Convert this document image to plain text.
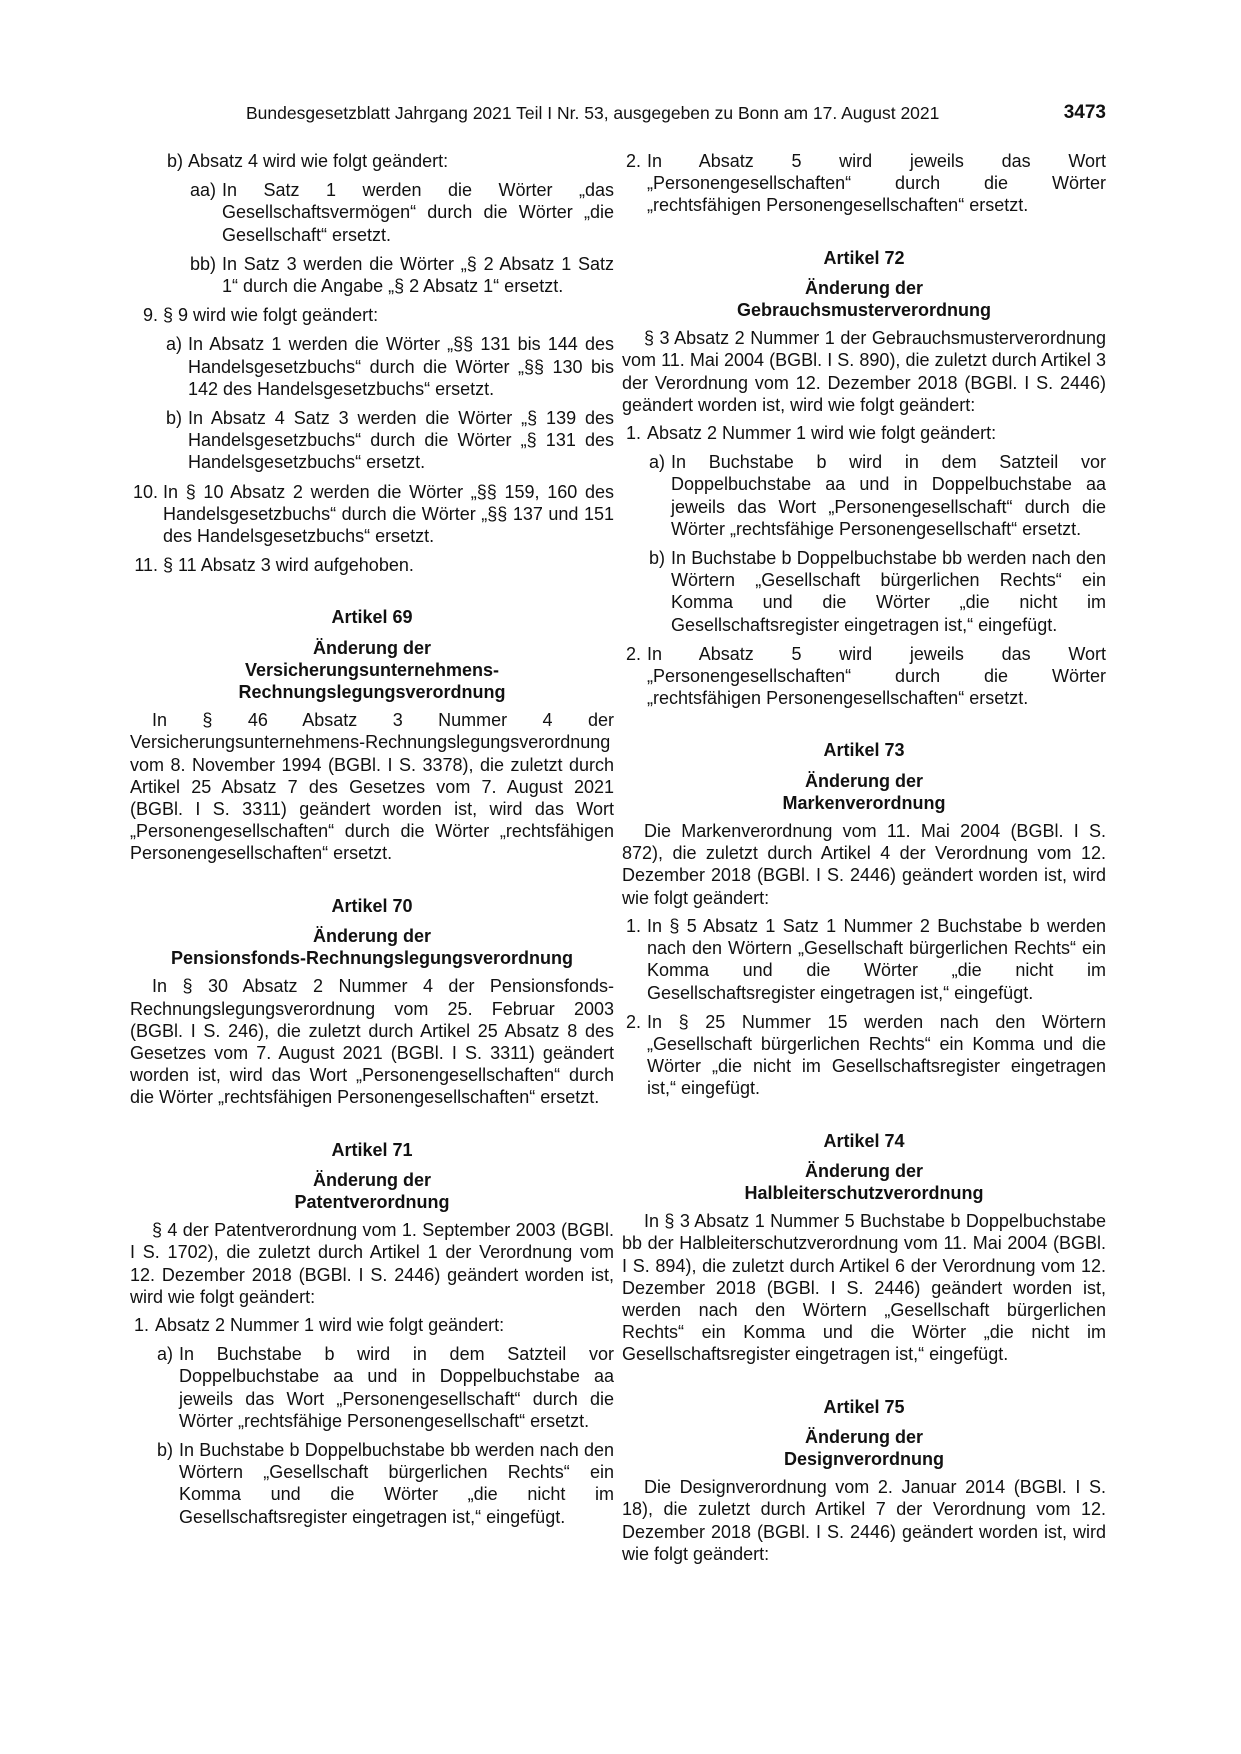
Bundesgesetzblatt Jahrgang 2021 Teil I Nr. 53, ausgegeben zu Bonn am 17. August 2021	3473
b) Absatz 4 wird wie folgt geändert:
aa) In Satz 1 werden die Wörter „das Gesellschaftsvermögen“ durch die Wörter „die Gesellschaft“ ersetzt.
bb) In Satz 3 werden die Wörter „§ 2 Absatz 1 Satz 1“ durch die Angabe „§ 2 Absatz 1“ ersetzt.
9. § 9 wird wie folgt geändert:
a) In Absatz 1 werden die Wörter „§§ 131 bis 144 des Handelsgesetzbuchs“ durch die Wörter „§§ 130 bis 142 des Handelsgesetzbuchs“ ersetzt.
b) In Absatz 4 Satz 3 werden die Wörter „§ 139 des Handelsgesetzbuchs“ durch die Wörter „§ 131 des Handelsgesetzbuchs“ ersetzt.
10. In § 10 Absatz 2 werden die Wörter „§§ 159, 160 des Handelsgesetzbuchs“ durch die Wörter „§§ 137 und 151 des Handelsgesetzbuchs“ ersetzt.
11. § 11 Absatz 3 wird aufgehoben.

Artikel 69

Änderung der
Versicherungsunternehmens-
Rechnungslegungsverordnung

In § 46 Absatz 3 Nummer 4 der Versicherungsunternehmens-Rechnungslegungsverordnung vom 8. November 1994 (BGBl. I S. 3378), die zuletzt durch Artikel 25 Absatz 7 des Gesetzes vom 7. August 2021 (BGBl. I S. 3311) geändert worden ist, wird das Wort „Personengesellschaften“ durch die Wörter „rechtsfähigen Personengesellschaften“ ersetzt.

Artikel 70

Änderung der
Pensionsfonds-Rechnungslegungsverordnung

In § 30 Absatz 2 Nummer 4 der Pensionsfonds-Rechnungslegungsverordnung vom 25. Februar 2003 (BGBl. I S. 246), die zuletzt durch Artikel 25 Absatz 8 des Gesetzes vom 7. August 2021 (BGBl. I S. 3311) geändert worden ist, wird das Wort „Personengesellschaften“ durch die Wörter „rechtsfähigen Personengesellschaften“ ersetzt.

Artikel 71

Änderung der
Patentverordnung

§ 4 der Patentverordnung vom 1. September 2003 (BGBl. I S. 1702), die zuletzt durch Artikel 1 der Verordnung vom 12. Dezember 2018 (BGBl. I S. 2446) geändert worden ist, wird wie folgt geändert:

1. Absatz 2 Nummer 1 wird wie folgt geändert:
a) In Buchstabe b wird in dem Satzteil vor Doppelbuchstabe aa und in Doppelbuchstabe aa jeweils das Wort „Personengesellschaft“ durch die Wörter „rechtsfähige Personengesellschaft“ ersetzt.
b) In Buchstabe b Doppelbuchstabe bb werden nach den Wörtern „Gesellschaft bürgerlichen Rechts“ ein Komma und die Wörter „die nicht im Gesellschaftsregister eingetragen ist,“ eingefügt.
2. In Absatz 5 wird jeweils das Wort „Personengesellschaften“ durch die Wörter „rechtsfähigen Personengesellschaften“ ersetzt.

Artikel 72

Änderung der
Gebrauchsmusterverordnung

§ 3 Absatz 2 Nummer 1 der Gebrauchsmusterverordnung vom 11. Mai 2004 (BGBl. I S. 890), die zuletzt durch Artikel 3 der Verordnung vom 12. Dezember 2018 (BGBl. I S. 2446) geändert worden ist, wird wie folgt geändert:

1. Absatz 2 Nummer 1 wird wie folgt geändert:
a) In Buchstabe b wird in dem Satzteil vor Doppelbuchstabe aa und in Doppelbuchstabe aa jeweils das Wort „Personengesellschaft“ durch die Wörter „rechtsfähige Personengesellschaft“ ersetzt.
b) In Buchstabe b Doppelbuchstabe bb werden nach den Wörtern „Gesellschaft bürgerlichen Rechts“ ein Komma und die Wörter „die nicht im Gesellschaftsregister eingetragen ist,“ eingefügt.
2. In Absatz 5 wird jeweils das Wort „Personengesellschaften“ durch die Wörter „rechtsfähigen Personengesellschaften“ ersetzt.

Artikel 73

Änderung der
Markenverordnung

Die Markenverordnung vom 11. Mai 2004 (BGBl. I S. 872), die zuletzt durch Artikel 4 der Verordnung vom 12. Dezember 2018 (BGBl. I S. 2446) geändert worden ist, wird wie folgt geändert:

1. In § 5 Absatz 1 Satz 1 Nummer 2 Buchstabe b werden nach den Wörtern „Gesellschaft bürgerlichen Rechts“ ein Komma und die Wörter „die nicht im Gesellschaftsregister eingetragen ist,“ eingefügt.
2. In § 25 Nummer 15 werden nach den Wörtern „Gesellschaft bürgerlichen Rechts“ ein Komma und die Wörter „die nicht im Gesellschaftsregister eingetragen ist,“ eingefügt.

Artikel 74

Änderung der
Halbleiterschutzverordnung

In § 3 Absatz 1 Nummer 5 Buchstabe b Doppelbuchstabe bb der Halbleiterschutzverordnung vom 11. Mai 2004 (BGBl. I S. 894), die zuletzt durch Artikel 6 der Verordnung vom 12. Dezember 2018 (BGBl. I S. 2446) geändert worden ist, werden nach den Wörtern „Gesellschaft bürgerlichen Rechts“ ein Komma und die Wörter „die nicht im Gesellschaftsregister eingetragen ist,“ eingefügt.

Artikel 75

Änderung der
Designverordnung

Die Designverordnung vom 2. Januar 2014 (BGBl. I S. 18), die zuletzt durch Artikel 7 der Verordnung vom 12. Dezember 2018 (BGBl. I S. 2446) geändert worden ist, wird wie folgt geändert:
